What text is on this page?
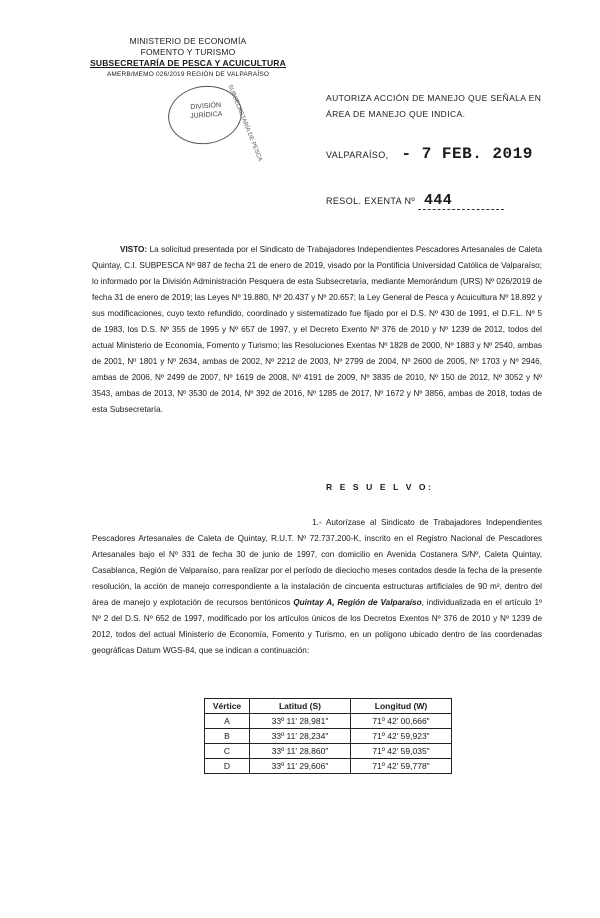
MINISTERIO DE ECONOMÍA
FOMENTO Y TURISMO
SUBSECRETARÍA DE PESCA Y ACUICULTURA
AMERB/MEMO 026/2019 REGIÓN DE VALPARAÍSO
DIVISIÓN
JURÍDICA SUBSECRETARÍA DE PESCA	AUTORIZA ACCIÓN DE MANEJO QUE SEÑALA EN ÁREA DE MANEJO QUE INDICA.
VALPARAÍSO, - 7 FEB. 2019
RESOL. EXENTA Nº 444
VISTO: La solicitud presentada por el Sindicato de Trabajadores Independientes Pescadores Artesanales de Caleta Quintay, C.I. SUBPESCA Nº 987 de fecha 21 de enero de 2019, visado por la Pontificia Universidad Católica de Valparaíso; lo informado por la División Administración Pesquera de esta Subsecretaría, mediante Memorándum (URS) Nº 026/2019 de fecha 31 de enero de 2019; las Leyes Nº 19.880, Nº 20.437 y Nº 20.657; la Ley General de Pesca y Acuicultura Nº 18.892 y sus modificaciones, cuyo texto refundido, coordinado y sistematizado fue fijado por el D.S. Nº 430 de 1991, el D.F.L. Nº 5 de 1983, los D.S. Nº 355 de 1995 y Nº 657 de 1997, y el Decreto Exento Nº 376 de 2010 y Nº 1239 de 2012, todos del actual Ministerio de Economía, Fomento y Turismo; las Resoluciones Exentas Nº 1828 de 2000, Nº 1883 y Nº 2540, ambas de 2001, Nº 1801 y Nº 2634, ambas de 2002, Nº 2212 de 2003, Nº 2799 de 2004, Nº 2600 de 2005, Nº 1703 y Nº 2946, ambas de 2006, Nº 2499 de 2007, Nº 1619 de 2008, Nº 4191 de 2009, Nº 3835 de 2010, Nº 150 de 2012, Nº 3052 y Nº 3543, ambas de 2013, Nº 3530 de 2014, Nº 392 de 2016, Nº 1285 de 2017, Nº 1672 y Nº 3856, ambas de 2018, todas de esta Subsecretaría.
R E S U E L V O:
1.- Autorízase al Sindicato de Trabajadores Independientes Pescadores Artesanales de Caleta de Quintay, R.U.T. Nº 72.737.200-K, inscrito en el Registro Nacional de Pescadores Artesanales bajo el Nº 331 de fecha 30 de junio de 1997, con domicilio en Avenida Costanera S/Nº, Caleta Quintay, Casablanca, Región de Valparaíso, para realizar por el período de dieciocho meses contados desde la fecha de la presente resolución, la acción de manejo correspondiente a la instalación de cincuenta estructuras artificiales de 90 m², dentro del área de manejo y explotación de recursos bentónicos Quintay A, Región de Valparaíso, individualizada en el artículo 1º Nº 2 del D.S. Nº 652 de 1997, modificado por los artículos únicos de los Decretos Exentos Nº 376 de 2010 y Nº 1239 de 2012, todos del actual Ministerio de Economía, Fomento y Turismo, en un polígono ubicado dentro de las coordenadas geográficas Datum WGS-84, que se indican a continuación:
Vértice	Latitud (S)	Longitud (W)
A	33º 11' 28,981"	71º 42' 00,666"
B	33º 11' 28,234"	71º 42' 59,923"
C	33º 11' 28,860"	71º 42' 59,035"
D	33º 11' 29,606"	71º 42' 59,778"
